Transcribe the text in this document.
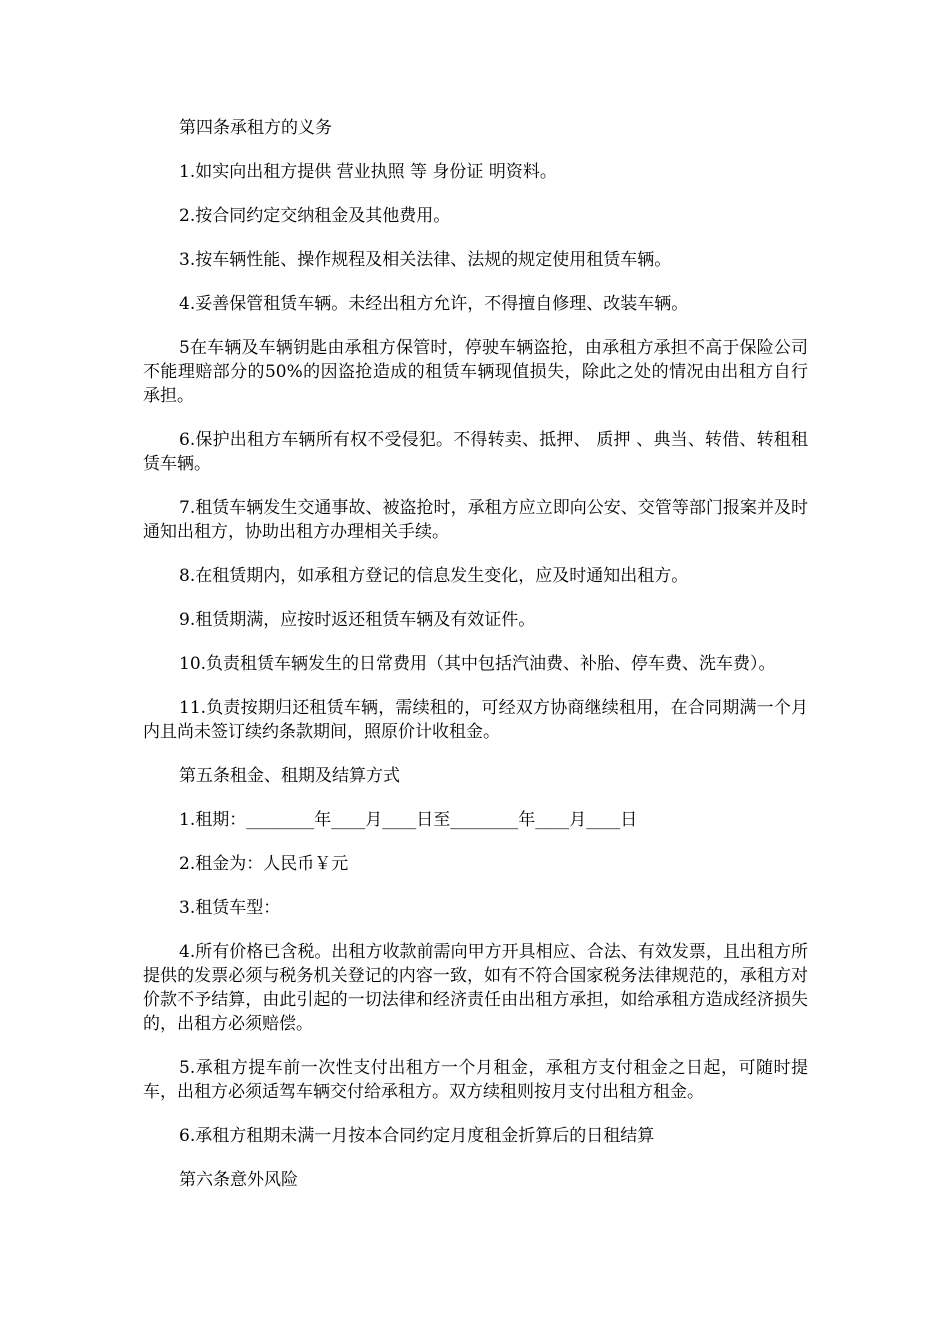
第四条承租方的义务

1.如实向出租方提供 营业执照 等 身份证 明资料。

2.按合同约定交纳租金及其他费用。

3.按车辆性能、操作规程及相关法律、法规的规定使用租赁车辆。

4.妥善保管租赁车辆。未经出租方允许，不得擅自修理、改装车辆。

5在车辆及车辆钥匙由承租方保管时，停驶车辆盗抢，由承租方承担不高于保险公司不能理赔部分的50%的因盗抢造成的租赁车辆现值损失，除此之处的情况由出租方自行承担。

6.保护出租方车辆所有权不受侵犯。不得转卖、抵押、 质押 、典当、转借、转租租赁车辆。

7.租赁车辆发生交通事故、被盗抢时，承租方应立即向公安、交管等部门报案并及时通知出租方，协助出租方办理相关手续。

8.在租赁期内，如承租方登记的信息发生变化，应及时通知出租方。

9.租赁期满，应按时返还租赁车辆及有效证件。

10.负责租赁车辆发生的日常费用（其中包括汽油费、补胎、停车费、洗车费）。

11.负责按期归还租赁车辆，需续租的，可经双方协商继续租用，在合同期满一个月内且尚未签订续约条款期间，照原价计收租金。

第五条租金、租期及结算方式

1.租期：________年____月____日至________年____月____日

2.租金为：人民币￥元

3.租赁车型：

4.所有价格已含税。出租方收款前需向甲方开具相应、合法、有效发票，且出租方所提供的发票必须与税务机关登记的内容一致，如有不符合国家税务法律规范的，承租方对价款不予结算，由此引起的一切法律和经济责任由出租方承担，如给承租方造成经济损失的，出租方必须赔偿。

5.承租方提车前一次性支付出租方一个月租金，承租方支付租金之日起，可随时提车，出租方必须适驾车辆交付给承租方。双方续租则按月支付出租方租金。

6.承租方租期未满一月按本合同约定月度租金折算后的日租结算

第六条意外风险
